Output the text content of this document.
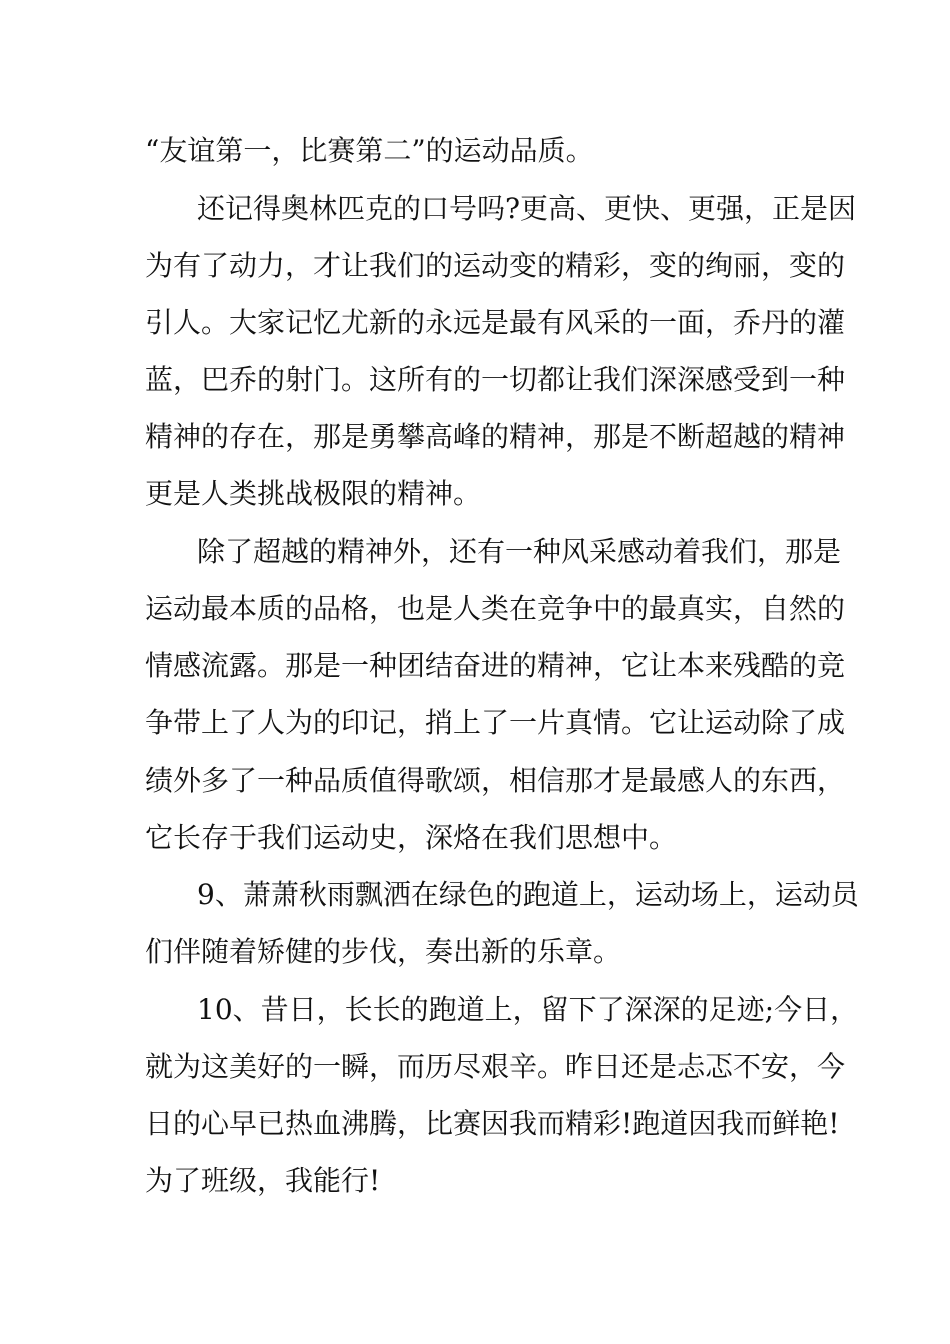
“友谊第一，比赛第二”的运动品质。
还记得奥林匹克的口号吗?更高、更快、更强，正是因
为有了动力，才让我们的运动变的精彩，变的绚丽，变的
引人。大家记忆尤新的永远是最有风采的一面，乔丹的灌
蓝，巴乔的射门。这所有的一切都让我们深深感受到一种
精神的存在，那是勇攀高峰的精神，那是不断超越的精神
更是人类挑战极限的精神。
除了超越的精神外，还有一种风采感动着我们，那是
运动最本质的品格，也是人类在竞争中的最真实，自然的
情感流露。那是一种团结奋进的精神，它让本来残酷的竞
争带上了人为的印记，捎上了一片真情。它让运动除了成
绩外多了一种品质值得歌颂，相信那才是最感人的东西，
它长存于我们运动史，深烙在我们思想中。
9、萧萧秋雨飘洒在绿色的跑道上，运动场上，运动员
们伴随着矫健的步伐，奏出新的乐章。
10、昔日，长长的跑道上，留下了深深的足迹;今日，
就为这美好的一瞬，而历尽艰辛。昨日还是忐忑不安，今
日的心早已热血沸腾，比赛因我而精彩!跑道因我而鲜艳!
为了班级，我能行!
